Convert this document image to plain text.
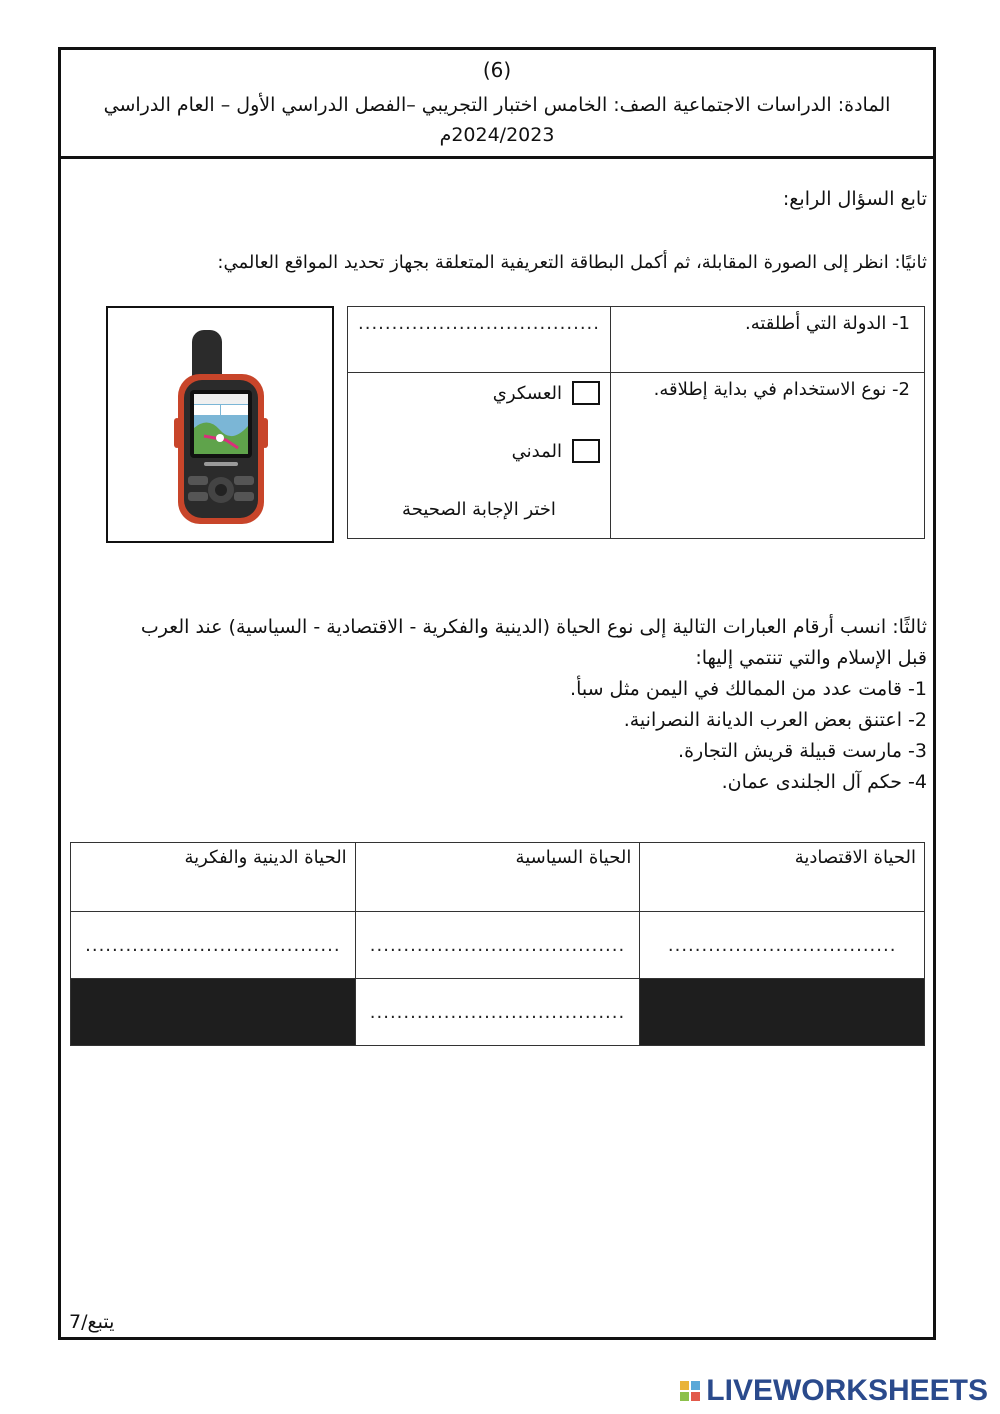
(6)
المادة: الدراسات الاجتماعية الصف: الخامس اختبار التجريبي –الفصل الدراسي الأول – العام الدراسي 2024/2023م
تابع السؤال الرابع:
ثانيًا: انظر إلى الصورة المقابلة، ثم أكمل البطاقة التعريفية المتعلقة بجهاز تحديد المواقع العالمي:
1- الدولة التي أطلقته.	....................................
2- نوع الاستخدام في بداية إطلاقه.	العسكري
المدني
اختر الإجابة الصحيحة
ثالثًا: انسب أرقام العبارات التالية إلى نوع الحياة (الدينية والفكرية - الاقتصادية - السياسية) عند العرب قبل الإسلام والتي تنتمي إليها:
1- قامت عدد من الممالك في اليمن مثل سبأ.
2- اعتنق بعض العرب الديانة النصرانية.
3- مارست قبيلة قريش التجارة.
4- حكم آل الجلندى عمان.
الحياة الاقتصادية	الحياة السياسية	الحياة الدينية والفكرية
..................................	......................................	......................................
	......................................	
يتبع/7
LIVEWORKSHEETS
